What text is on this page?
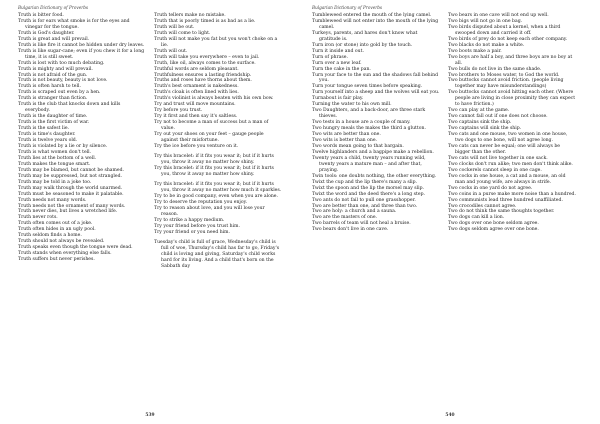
Bulgarian Dictionary of Proverbs
Truth is bitter food.
Truth is for ears what smoke is for the eyes and vinegar for the tongue.
Truth is God's daughter.
Truth is great and will prevail.
Truth is like fire it cannot be hidden under dry leaves.
Truth is like sugar-cane; even if you chew it for a long time, it is still sweet.
Truth is lost with too much debating.
Truth is mighty and will prevail.
Truth is not afraid of the gun.
Truth is not beauty, beauty is not love.
Truth is often harsh to tell.
Truth is scraped out even by a hen.
Truth is stranger than fiction.
Truth is the club that knocks down and kills everybody.
Truth is the daughter of time.
Truth is the first victim of war.
Truth is the safest lie.
Truth is time's daughter.
Truth is twelve years old.
Truth is violated by a lie or by silence.
Truth is what women don't tell.
Truth lies at the bottom of a well.
Truth makes the tongue smart.
Truth may be blamed, but cannot be shamed.
Truth may be suppressed, but not strangled.
Truth may be told in a joke too.
Truth may walk through the world unarmed.
Truth must be seasoned to make it palatable.
Truth needs not many words.
Truth needs not the ornament of many words.
Truth never dies, but lives a wretched life.
Truth never rots.
Truth often comes out of a joke.
Truth often hides in an ugly pool.
Truth seldom finds a home.
Truth should not always be revealed.
Truth speaks even though the tongue were dead.
Truth stands when everything else falls.
Truth suffers but never perishes.
Truth tellers make no mistake.
Truth that is poorly timed is as bad as a lie.
Truth will be out.
Truth will come to light.
Truth will not make you fat but you won't choke on a lie.
Truth will out.
Truth will take you everywhere – even to jail.
Truth, like oil, always comes to the surface.
Truthful words are seldom pleasant.
Truthfulness ensures a lasting friendship.
Truths and roses have thorns about them.
Truth's best ornament is nakedness.
Truth's cloak is often lined with lies.
Truth's violinist is always beaten with his own bow.
Try and trust will move mountains.
Try before you trust.
Try it first and then say it's saltless.
Try not to become a man of success but a man of value.
Try out your shoes on your feet – gauge people against their misfortune.
Try the ice before you venture on it.
Try this bracelet: if it fits you wear it; but if it hurts you, throw it away no matter how shiny.
Try this bracelet: if it fits you wear it; but if it hurts you, throw it away no matter how shiny.
Try this bracelet: if it fits you wear it; but if it hurts you, throw it away no matter how much it sparkles.
Try to be in good company, even when you are alone.
Try to deserve the reputation you enjoy.
Try to reason about love, and you will lose your reason.
Try to strike a happy medium.
Try your friend before you trust him.
Try your friend or you need him.
Tuesday's child is full of grace, Wednesday's child is full of woe, Thursday's child has far to go, Friday's child is loving and giving, Saturday's child works hard for its living. And a child that's born on the Sabbath day
539
Bulgarian Dictionary of Proverbs
Tumbleweed entered the mouth of the lying camel.
Tumbleweed will not enter into the mouth of the lying camel.
Turkeys, parents, and hares don't know what gratitude is.
Turn iron (or stone) into gold by the touch.
Turn it inside and out.
Turn of phrase.
Turn over a new leaf.
Turn the cake in the pan.
Turn your face to the sun and the shadows fall behind you.
Turn your tongue seven times before speaking.
Turn yourself into a sheep and the wolves will eat you.
Turnabout is fair play.
Turning the water to his own mill.
Two Daughters, and a back-door, are three stark thieves.
Two tests in a house are a couple of many.
Two hungry meals the makes the third a glutton.
Two wits are better than one.
Two wits is better than one.
Two words mean going to that bargain.
Twelve highlanders and a bagpipe make a rebellion.
Twenty years a child, twenty years running wild, twenty years a mature man – and after that, praying.
Twin tools: one doubts nothing, the other everything.
Twixt the cup and the lip there's many a slip.
Twixt the spoon and the lip the morsel may slip.
Twixt the word and the deed there's a long step.
Two ants do not fail to pull one grasshopper.
Two are better than one, and three than two.
Two are holy: a church and a sauna.
Two are the masters of one.
Two barrels of team will not heal a bruise.
Two bears don't live in one cave.
Two bears in one cave will not end up well.
Two bigs will not go in one bag.
Two birds disputed about a kernel, when a third swooped down and carried it off.
Two birds of prey do not keep each other company.
Two blacks do not make a white.
Two boots make a pair.
Two boys are half a boy, and three boys are no boy at all.
Two bulls do not live in the same shade.
Two brothers to Moses water, to God the world.
Two buttocks cannot avoid friction. (people living together may have misunderstandings)
Two buttocks cannot avoid hitting each other. (Where people are living in close proximity they can expect to have friction.)
Two can play at the game.
Two cannot fall out if one does not choose.
Two captains sink the ship.
Two captains will sink the ship.
Two cats and one mouse, two women in one house, two dogs to one bone, will not agree long.
Two cats can never be equal; one will always be bigger than the other.
Two cats will not live together in one sack.
Two clocks don't run alike; two men don't think alike.
Two cockerels cannot sleep in one cage.
Two cocks in one house, a cat and a mouse, an old man and young wife, are always in strife.
Two cocks in one yard do not agree.
Two coins in a purse make more noise than a hundred.
Two communists lead three hundred unaffiliated.
Two crocodiles cannot agree.
Two do not think the same thoughts together.
Two dogs can kill a lion.
Two dogs over one bone seldom agree.
Two dogs seldom agree over one bone.
540
